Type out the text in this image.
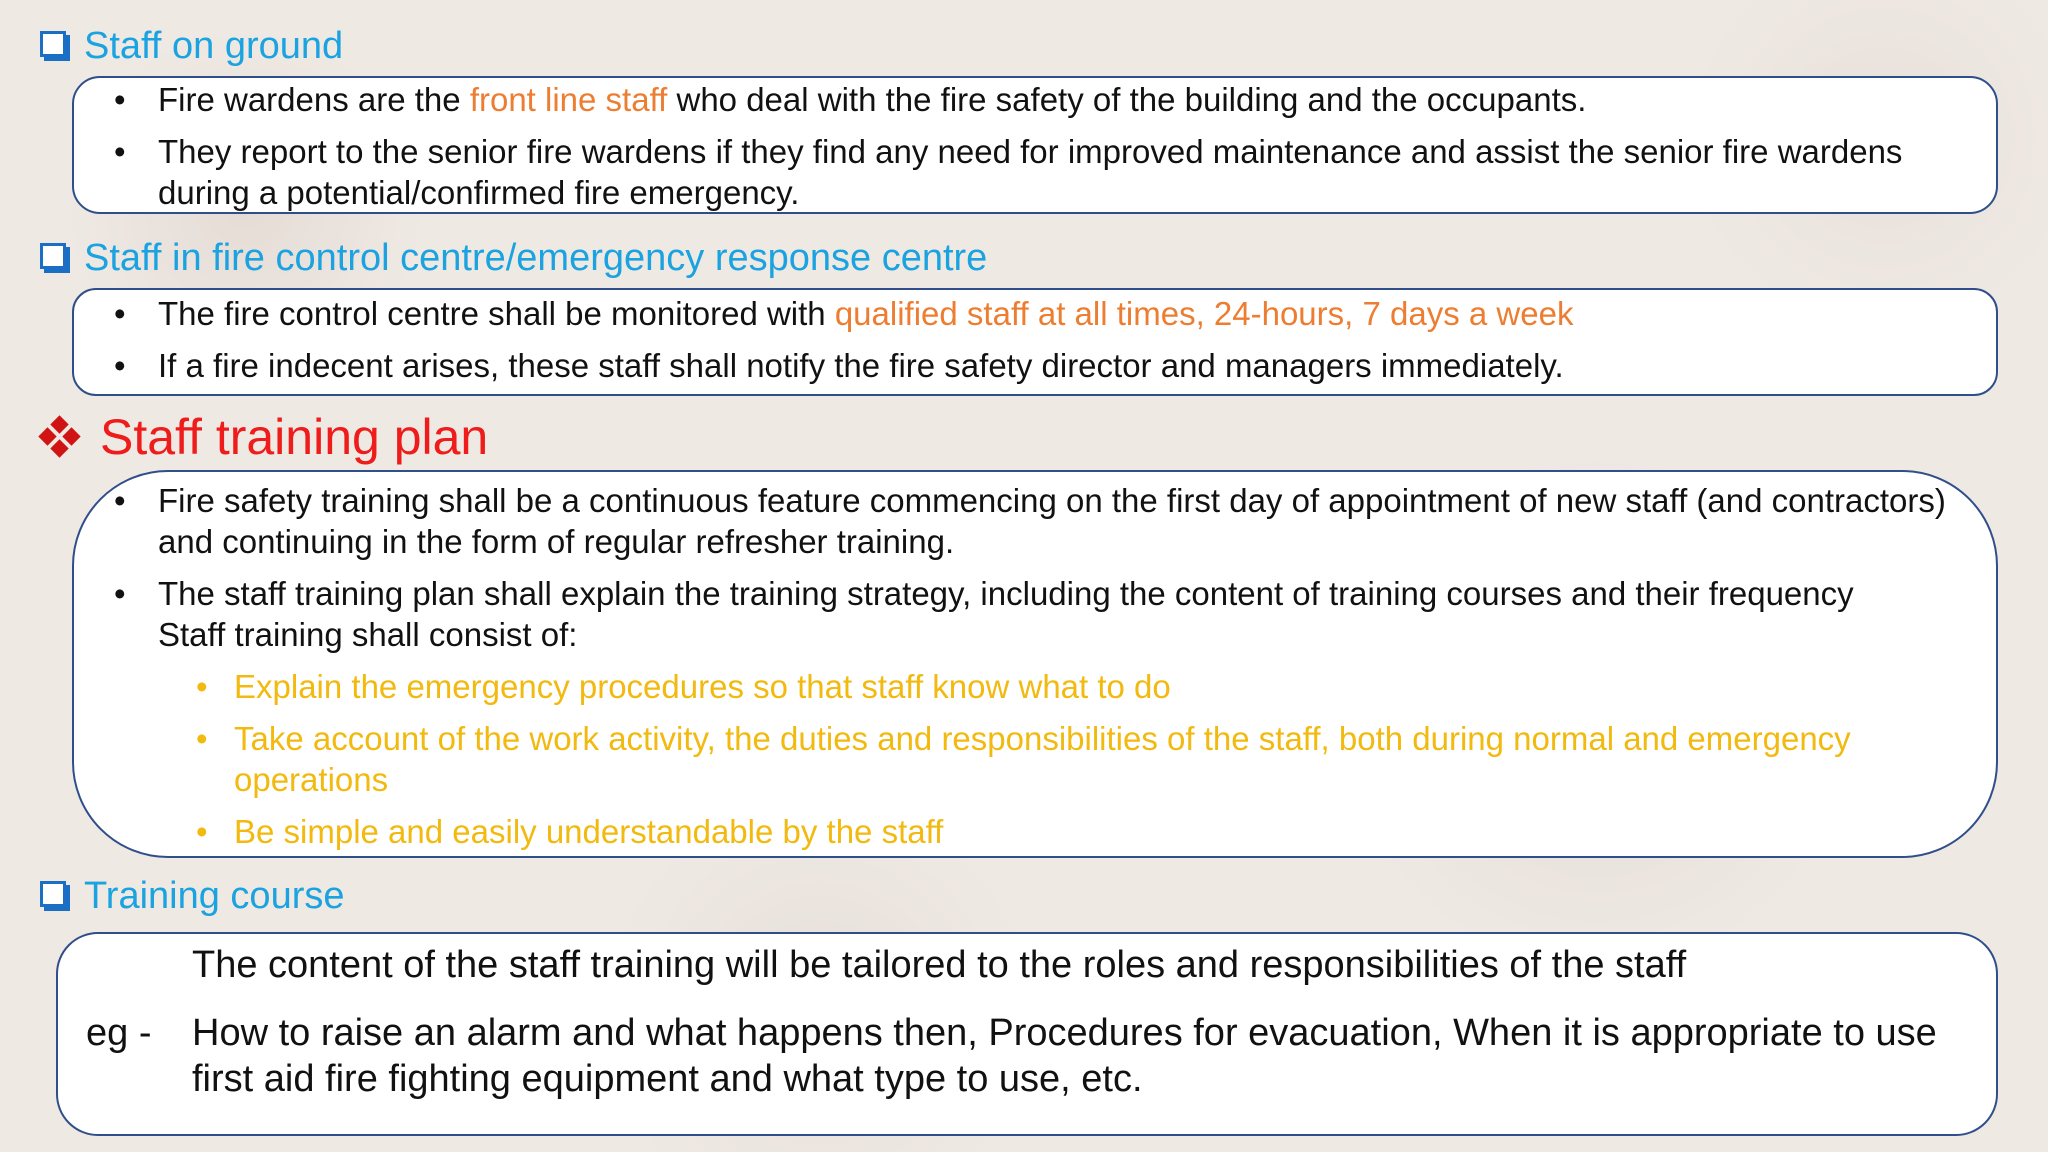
Staff on ground
• Fire wardens are the front line staff who deal with the fire safety of the building and the occupants.
• They report to the senior fire wardens if they find any need for improved maintenance and assist the senior fire wardens during a potential/confirmed fire emergency.
Staff in fire control centre/emergency response centre
• The fire control centre shall be monitored with qualified staff at all times, 24-hours, 7 days a week
• If a fire indecent arises, these staff shall notify the fire safety director and managers immediately.
Staff training plan
• Fire safety training shall be a continuous feature commencing on the first day of appointment of new staff (and contractors) and continuing in the form of regular refresher training.
• The staff training plan shall explain the training strategy, including the content of training courses and their frequency
Staff training shall consist of:
• Explain the emergency procedures so that staff know what to do
• Take account of the work activity, the duties and responsibilities of the staff, both during normal and emergency operations
• Be simple and easily understandable by the staff
Training course
The content of the staff training will be tailored to the roles and responsibilities of the staff
eg - How to raise an alarm and what happens then, Procedures for evacuation, When it is appropriate to use first aid fire fighting equipment and what type to use, etc.
